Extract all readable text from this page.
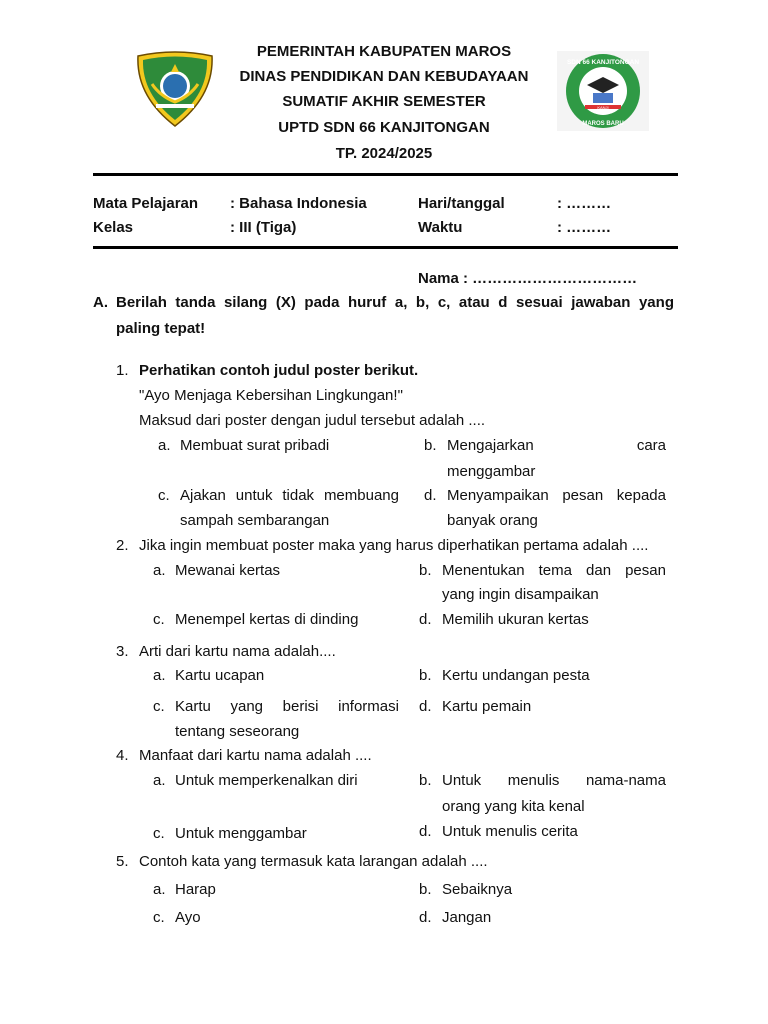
SDN 66 KANJITONGAN
MAROS BARU
KANJI
PEMERINTAH KABUPATEN MAROS
DINAS PENDIDIKAN DAN KEBUDAYAAN
SUMATIF AKHIR SEMESTER
UPTD SDN 66 KANJITONGAN
TP. 2024/2025
Mata Pelajaran : Bahasa Indonesia	Hari/tanggal	: ………
Kelas	: III (Tiga)	Waktu	: ………
Nama : ……………………………
A. Berilah tanda silang (X) pada huruf a, b, c, atau d sesuai jawaban yang
paling tepat!
1. Perhatikan contoh judul poster berikut.
"Ayo Menjaga Kebersihan Lingkungan!"
Maksud dari poster dengan judul tersebut adalah ....
a. Membuat surat pribadi	b. Mengajarkan	cara
menggambar
c. Ajakan untuk tidak membuang
sampah sembarangan
d. Menyampaikan pesan kepada
banyak orang
2. Jika ingin membuat poster maka yang harus diperhatikan pertama adalah ....
a. Mewanai kertas	b. Menentukan tema dan pesan
yang ingin disampaikan
c. Menempel kertas di dinding	d. Memilih ukuran kertas
3. Arti dari kartu nama adalah....
a. Kartu ucapan	b. Kertu undangan pesta
c. Kartu yang berisi informasi
tentang seseorang
d. Kartu pemain
4. Manfaat dari kartu nama adalah ....
a. Untuk memperkenalkan diri	b. Untuk menulis nama-nama
orang yang kita kenal
c. Untuk menggambar	d. Untuk menulis cerita
5. Contoh kata yang termasuk kata larangan adalah ....
a. Harap	b. Sebaiknya
c. Ayo	d. Jangan
